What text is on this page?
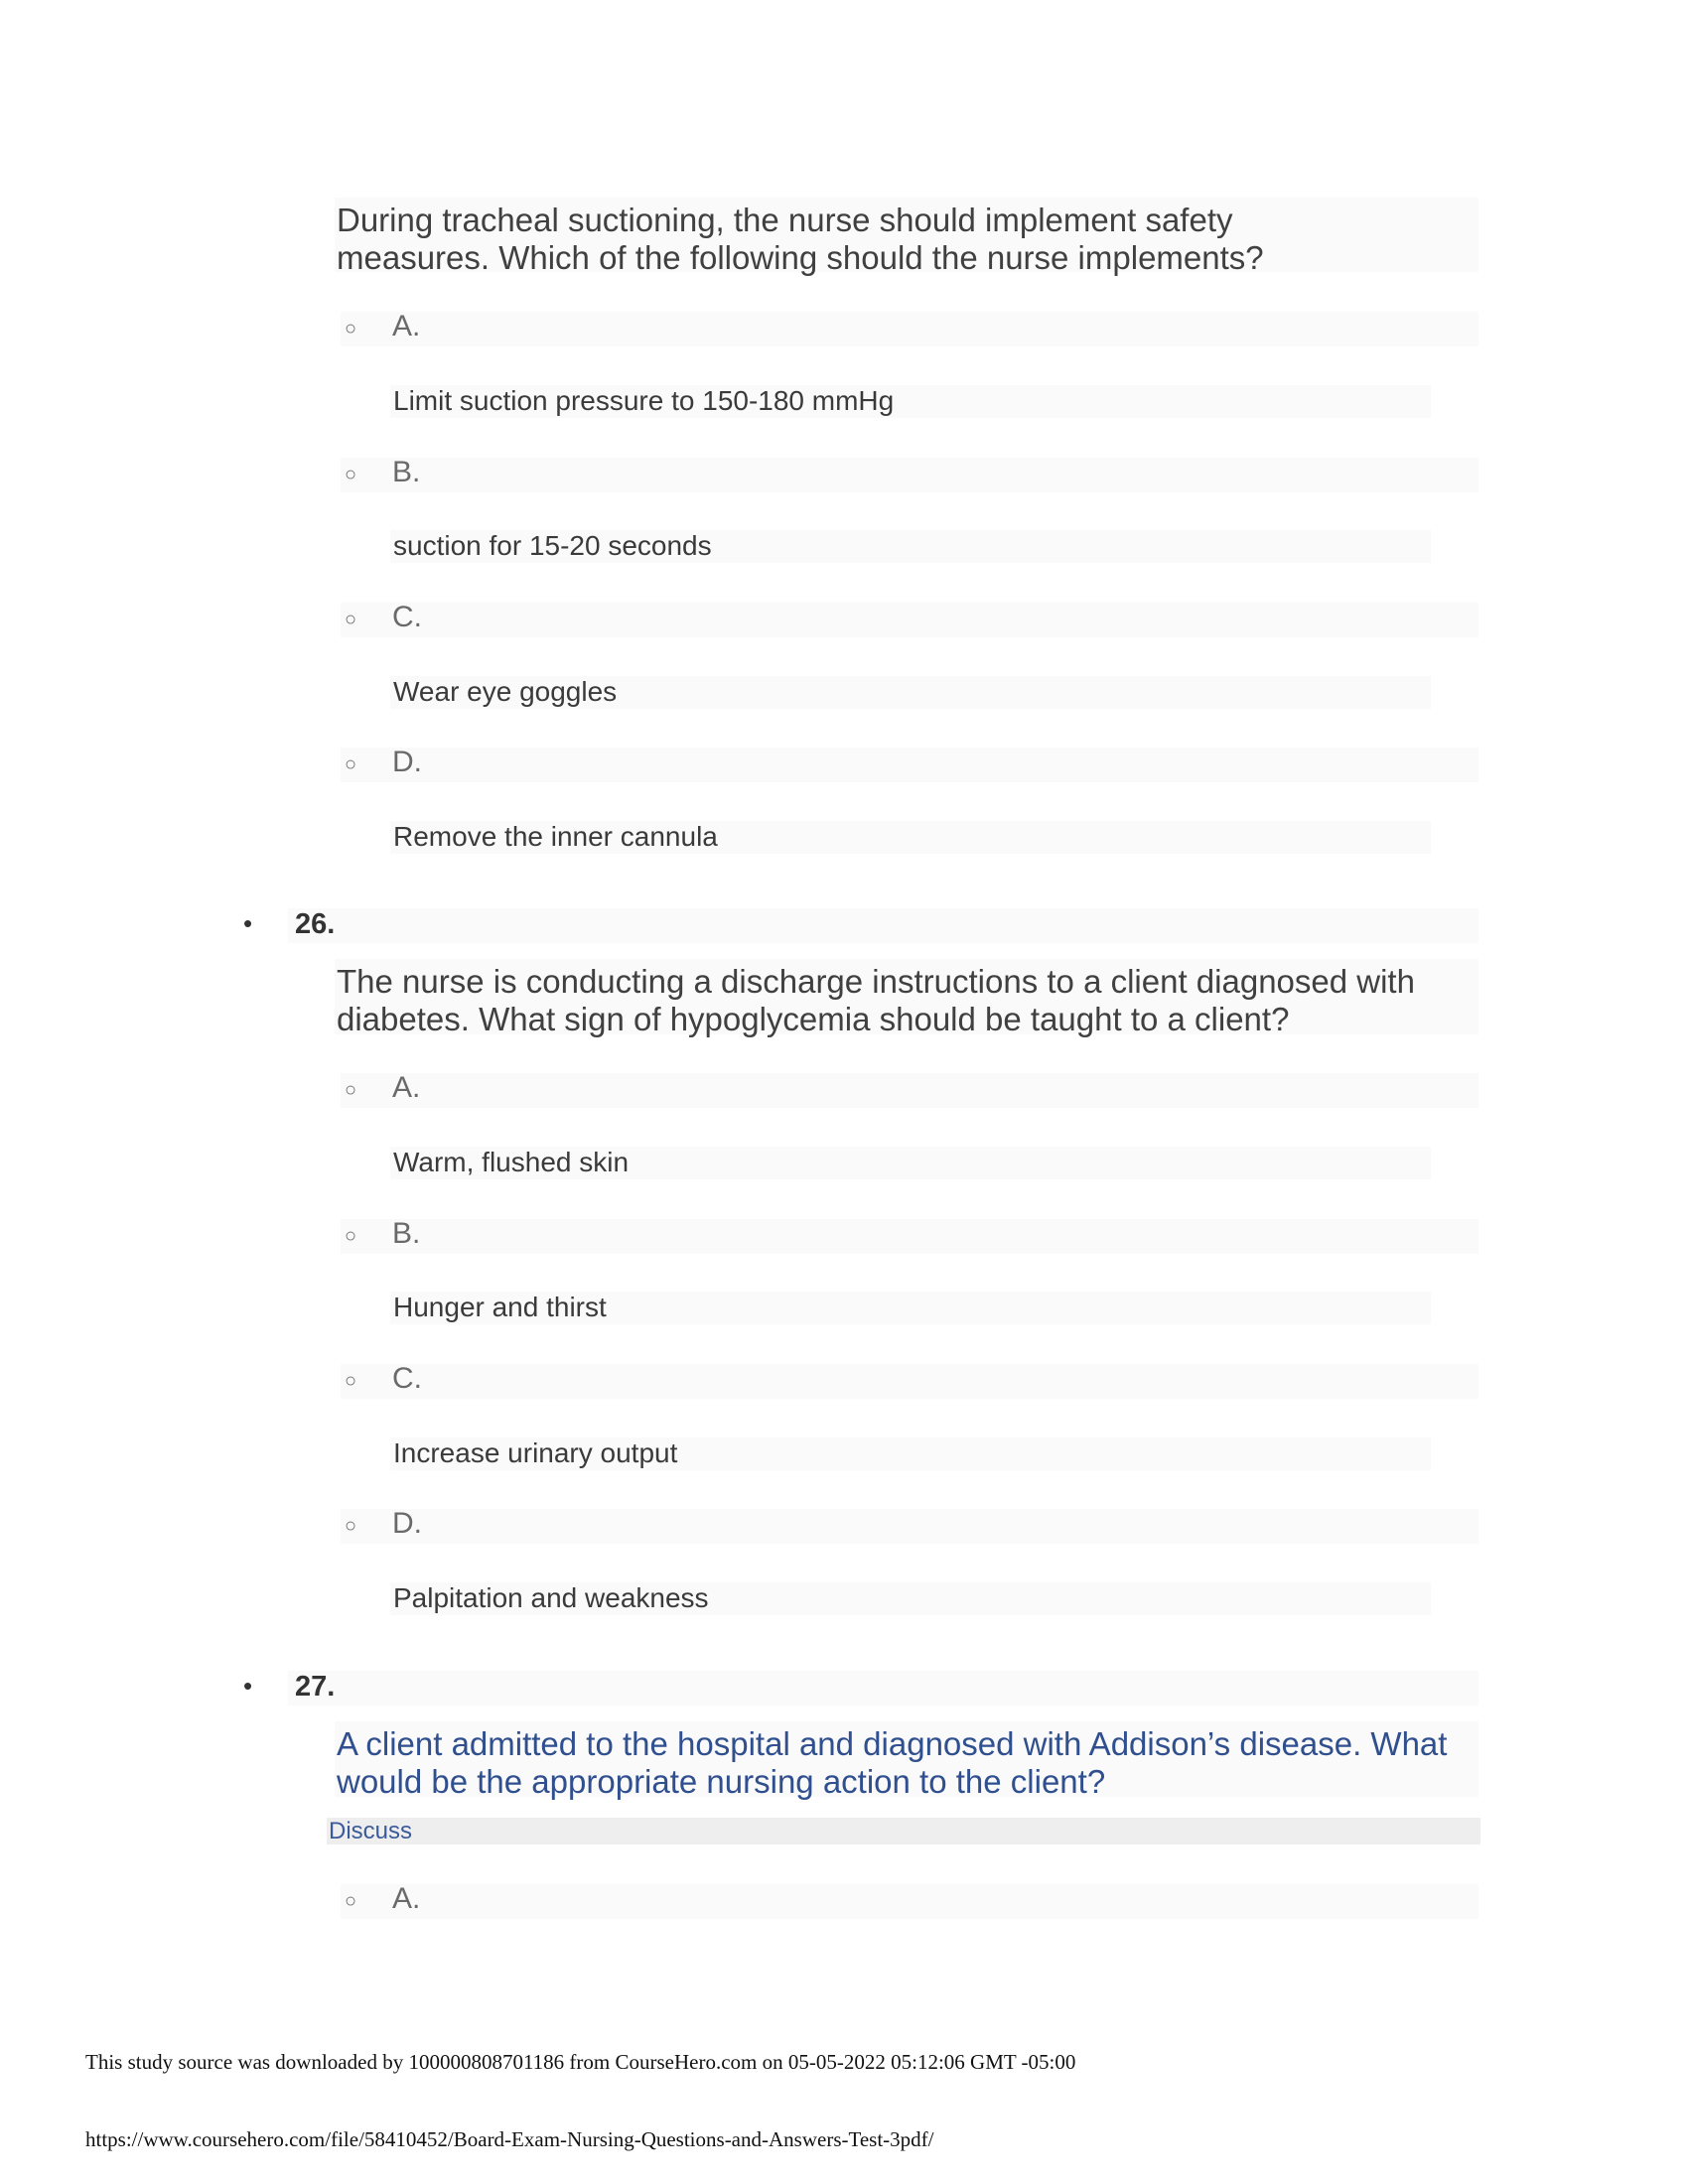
During tracheal suctioning, the nurse should implement safety
measures. Which of the following should the nurse implements?
○ A.
Limit suction pressure to 150-180 mmHg
○ B.
suction for 15-20 seconds
○ C.
Wear eye goggles
○ D.
Remove the inner cannula
• 26.
The nurse is conducting a discharge instructions to a client diagnosed with
diabetes. What sign of hypoglycemia should be taught to a client?
○ A.
Warm, flushed skin
○ B.
Hunger and thirst
○ C.
Increase urinary output
○ D.
Palpitation and weakness
• 27.
A client admitted to the hospital and diagnosed with Addison’s disease. What
would be the appropriate nursing action to the client?
Discuss
○ A.
This study source was downloaded by 100000808701186 from CourseHero.com on 05-05-2022 05:12:06 GMT -05:00
https://www.coursehero.com/file/58410452/Board-Exam-Nursing-Questions-and-Answers-Test-3pdf/
